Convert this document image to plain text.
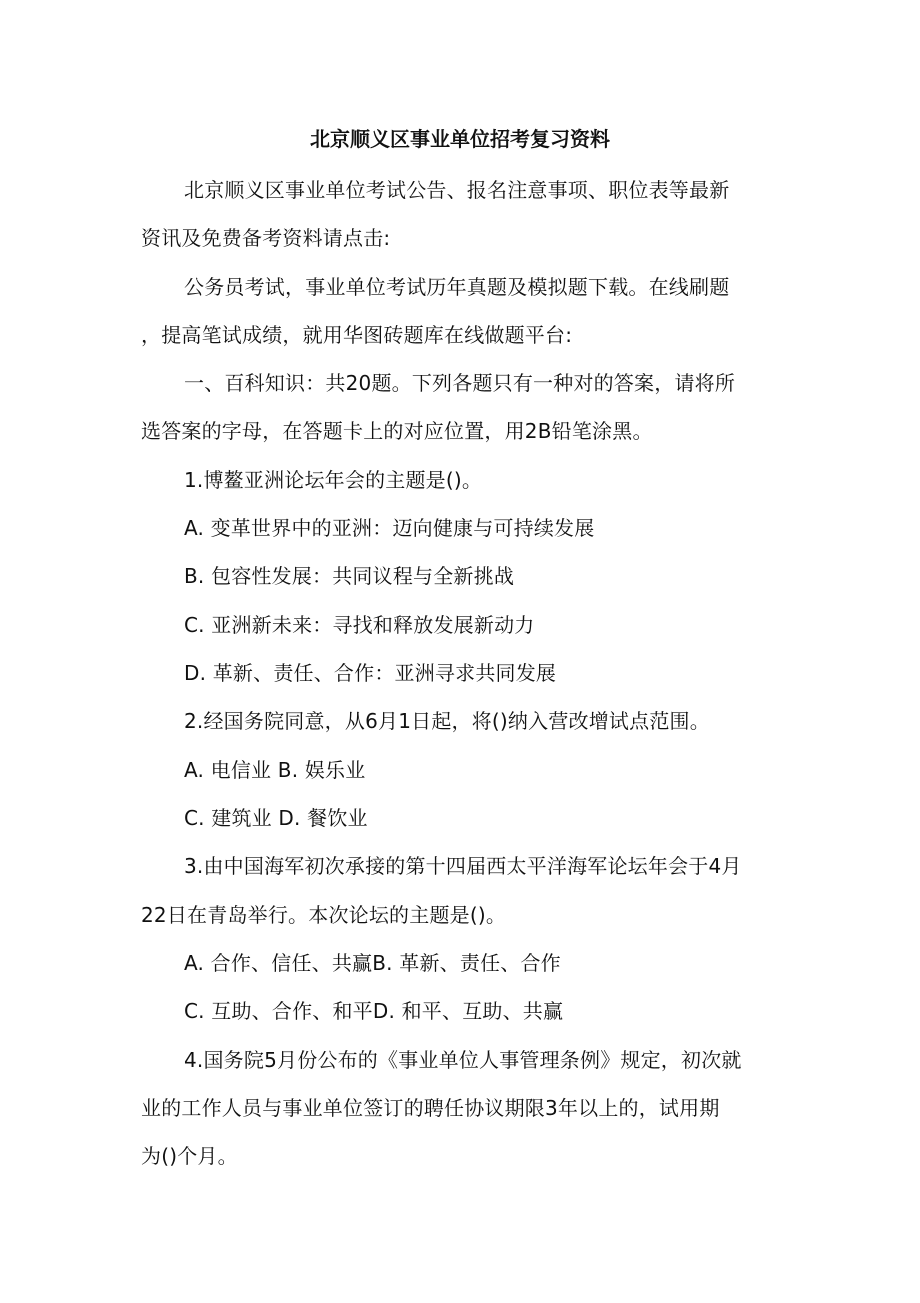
北京顺义区事业单位招考复习资料
北京顺义区事业单位考试公告、报名注意事项、职位表等最新
资讯及免费备考资料请点击:
公务员考试，事业单位考试历年真题及模拟题下载。在线刷题
，提高笔试成绩，就用华图砖题库在线做题平台:
一、百科知识：共20题。下列各题只有一种对的答案，请将所
选答案的字母，在答题卡上的对应位置，用2B铅笔涂黑。
1.博鳌亚洲论坛年会的主题是()。
A. 变革世界中的亚洲：迈向健康与可持续发展
B. 包容性发展：共同议程与全新挑战
C. 亚洲新未来：寻找和释放发展新动力
D. 革新、责任、合作：亚洲寻求共同发展
2.经国务院同意，从6月1日起，将()纳入营改增试点范围。
A. 电信业 B. 娱乐业
C. 建筑业 D. 餐饮业
3.由中国海军初次承接的第十四届西太平洋海军论坛年会于4月
22日在青岛举行。本次论坛的主题是()。
A. 合作、信任、共赢B. 革新、责任、合作
C. 互助、合作、和平D. 和平、互助、共赢
4.国务院5月份公布的《事业单位人事管理条例》规定，初次就
业的工作人员与事业单位签订的聘任协议期限3年以上的，试用期
为()个月。
